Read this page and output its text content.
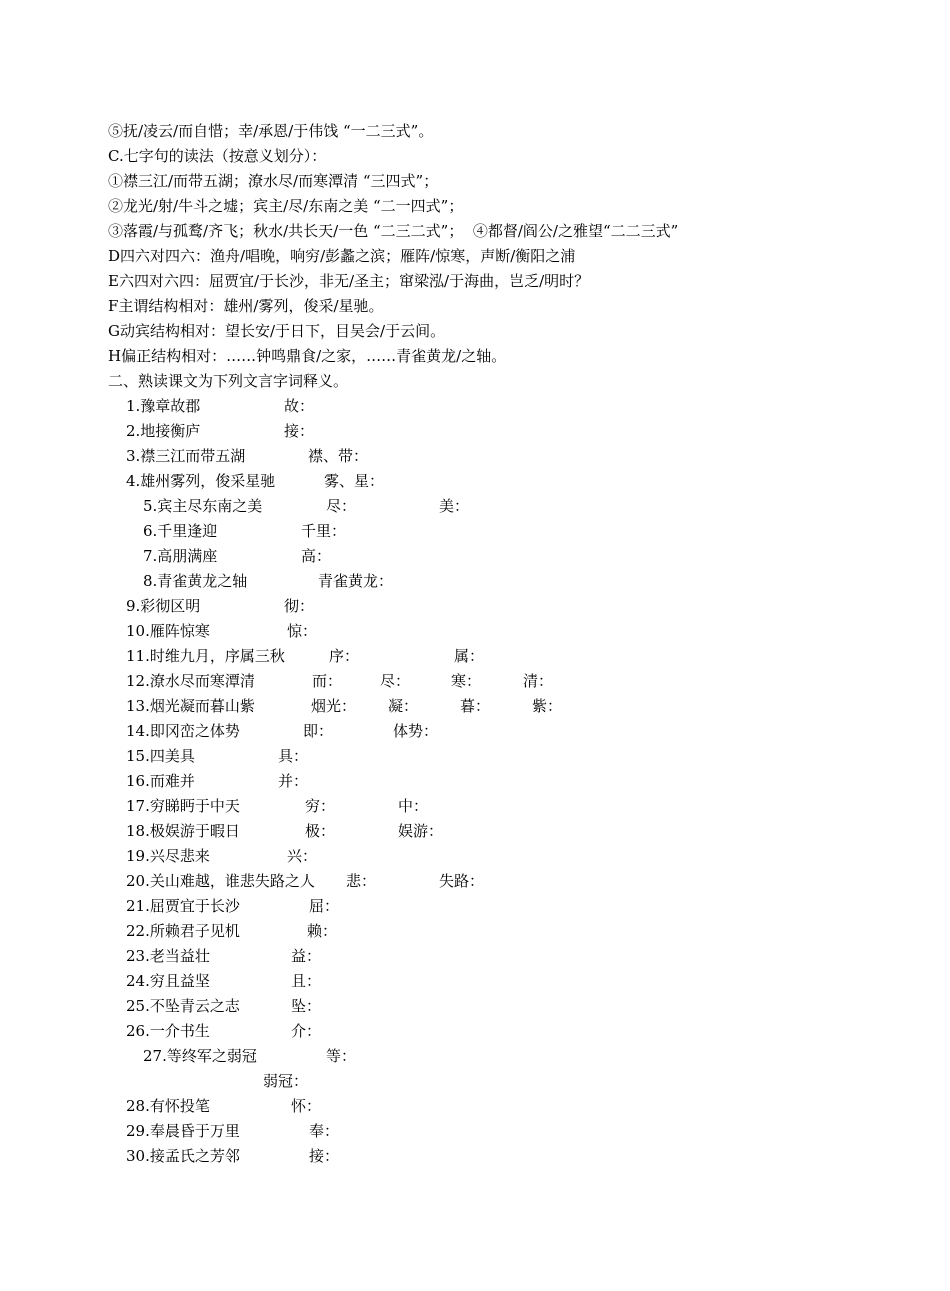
⑤抚/凌云/而自惜；幸/承恩/于伟饯 “一二三式”。
C.七字句的读法（按意义划分）：
①襟三江/而带五湖；潦水尽/而寒潭清 “三四式”；
②龙光/射/牛斗之墟；宾主/尽/东南之美 “二一四式”；
③落霞/与孤鹜/齐飞；秋水/共长天/一色 “二三二式”；  ④都督/阎公/之雅望“二二三式”
D四六对四六：渔舟/唱晚，响穷/彭蠡之滨；雁阵/惊寒，声断/衡阳之浦
E六四对六四：屈贾宜/于长沙，非无/圣主；窜梁泓/于海曲，岂乏/明时？
F主谓结构相对：雄州/雾列，俊采/星驰。
G动宾结构相对：望长安/于日下，目吴会/于云间。
H偏正结构相对：……钟鸣鼎食/之家，……青雀黄龙/之轴。
二、熟读课文为下列文言字词释义。
1.豫章故郡	故：
2.地接衡庐	接：
3.襟三江而带五湖	襟、带：
4.雄州雾列，俊采星驰	雾、星：
5.宾主尽东南之美	尽：	美：
6.千里逢迎	千里：
7.高朋满座	高：
8.青雀黄龙之轴	青雀黄龙：
9.彩彻区明	彻：
10.雁阵惊寒	惊：
11.时维九月，序属三秋	序：	属：
12.潦水尽而寒潭清	而：	尽：	寒：	清：
13.烟光凝而暮山紫	烟光： 凝：	暮：	紫：
14.即冈峦之体势	即：	体势：
15.四美具	具：
16.而难并	并：
17.穷睇眄于中天	穷：	中：
18.极娱游于暇日	极：	娱游：
19.兴尽悲来	兴：
20.关山难越，谁悲失路之人 悲：	失路：
21.屈贾宜于长沙	屈：
22.所赖君子见机	赖：
23.老当益壮	益：
24.穷且益坚	且：
25.不坠青云之志	坠：
26.一介书生	介：
27.等终军之弱冠	等：
弱冠：
28.有怀投笔	怀：
29.奉晨昏于万里	奉：
30.接孟氏之芳邻	接：
